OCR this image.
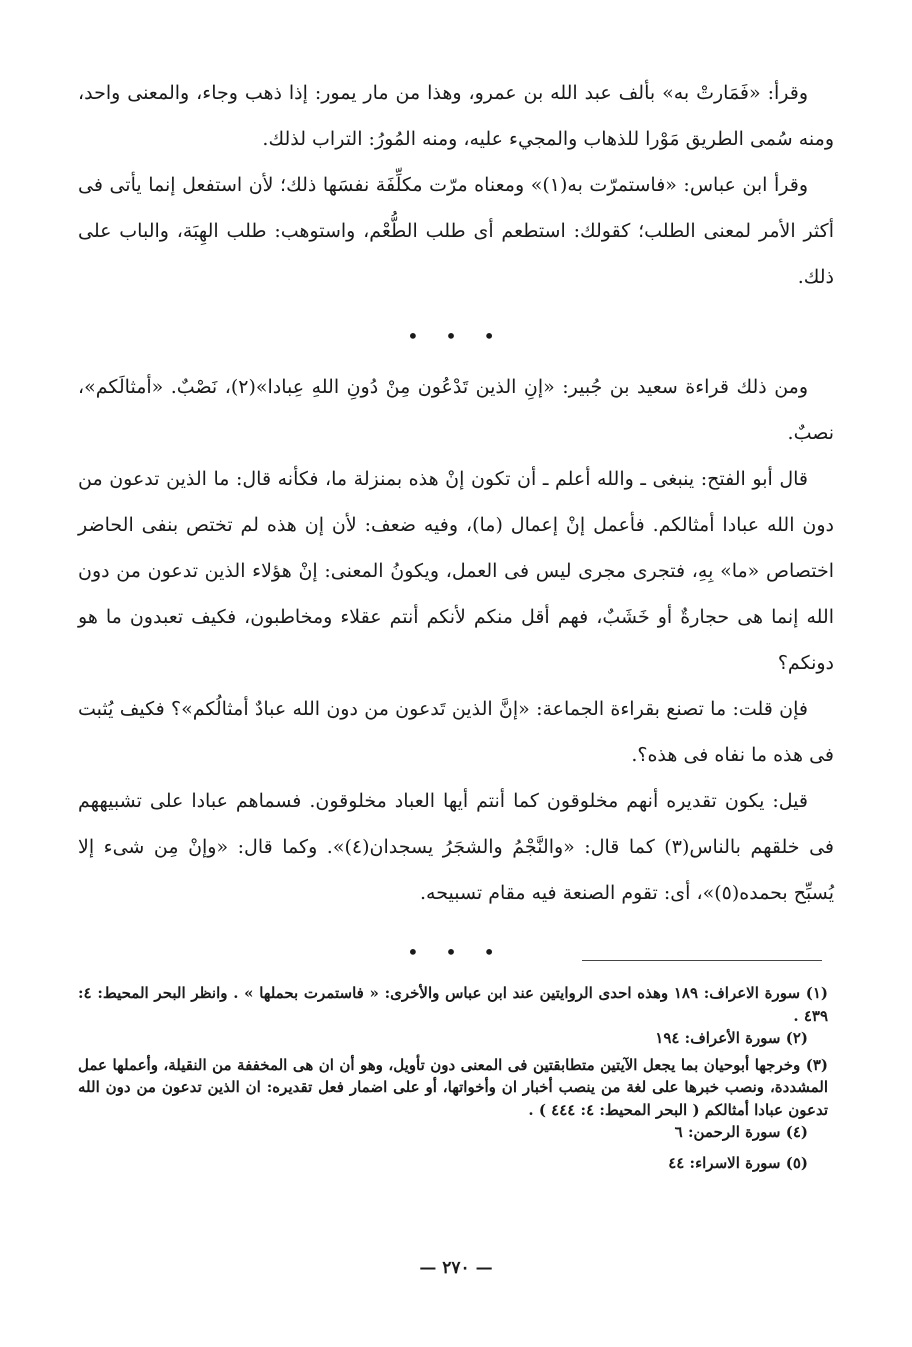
وقرأ: «فَمَارتْ به» بألف عبد الله بن عمرو، وهذا من مار يمور: إذا ذهب وجاء، والمعنى واحد، ومنه سُمى الطريق مَوْرا للذهاب والمجيء عليه، ومنه المُورُ: التراب لذلك.

وقرأ ابن عباس: «فاستمرّت به(١)» ومعناه مرّت مكلِّفَة نفسَها ذلك؛ لأن استفعل إنما يأتى فى أكثر الأمر لمعنى الطلب؛ كقولك: استطعم أى طلب الطُّعْم، واستوهب: طلب الهِبَة، والباب على ذلك.

• • •

ومن ذلك قراءة سعيد بن جُبير: «إنِ الذين تَدْعُون مِنْ دُونِ اللهِ عِبادا»(٢)، نَصْبٌ. «أمثالَكم»، نصبٌ.

قال أبو الفتح: ينبغى ـ والله أعلم ـ أن تكون إنْ هذه بمنزلة ما، فكأنه قال: ما الذين تدعون من دون الله عبادا أمثالكم. فأعمل إنْ إعمال (ما)، وفيه ضعف: لأن إن هذه لم تختص بنفى الحاضر اختصاص «ما» بِهِ، فتجرى مجرى ليس فى العمل، ويكونُ المعنى: إنْ هؤلاء الذين تدعون من دون الله إنما هى حجارةٌ أو خَشَبٌ، فهم أقل منكم لأنكم أنتم عقلاء ومخاطبون، فكيف تعبدون ما هو دونكم؟

فإن قلت: ما تصنع بقراءة الجماعة: «إنَّ الذين تَدعون من دون الله عبادٌ أمثالُكم»؟ فكيف يُثبت فى هذه ما نفاه فى هذه؟.

قيل: يكون تقديره أنهم مخلوقون كما أنتم أيها العباد مخلوقون. فسماهم عبادا على تشبيههم فى خلقهم بالناس(٣) كما قال: «والنَّجْمُ والشجَرُ يسجدان(٤)». وكما قال: «وإنْ مِن شىء إلا يُسبِّح بحمده(٥)»، أى: تقوم الصنعة فيه مقام تسبيحه.

• • •

(١) سورة الاعراف: ١٨٩ وهذه احدى الروايتين عند ابن عباس والأخرى: « فاستمرت بحملها » . وانظر البحر المحيط: ٤: ٤٣٩ .

(٢) سورة الأعراف: ١٩٤

(٣) وخرجها أبوحيان بما يجعل الآيتين متطابقتين فى المعنى دون تأويل، وهو أن ان هى المخففة من النقيلة، وأعملها عمل المشددة، ونصب خبرها على لغة من ينصب أخبار ان وأخواتها، أو على اضمار فعل تقديره: ان الذين تدعون من دون الله تدعون عبادا أمثالكم ( البحر المحيط: ٤: ٤٤٤ ) .

(٤) سورة الرحمن: ٦

(٥) سورة الاسراء: ٤٤

— ٢٧٠ —
